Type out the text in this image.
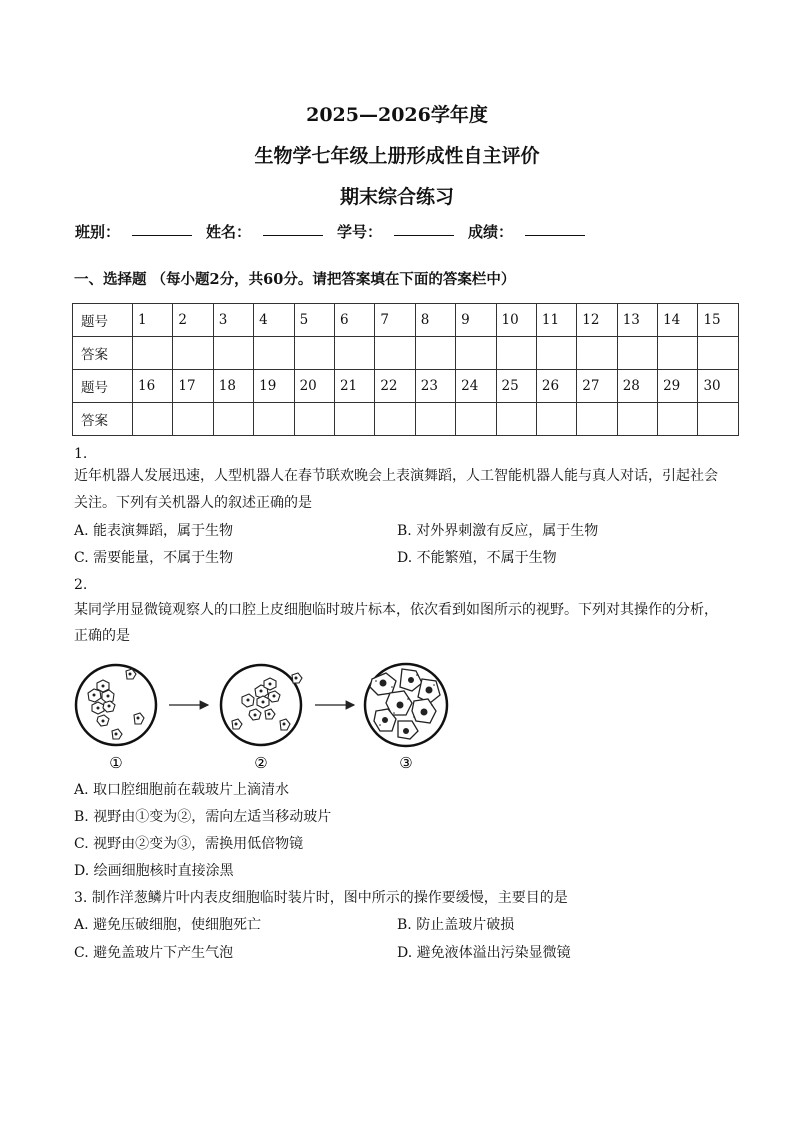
2025—2026学年度
生物学七年级上册形成性自主评价
期末综合练习
班别：	姓名：	学号：	成绩：
一、选择题 （每小题2分，共60分。请把答案填在下面的答案栏中）
题号	1	2	3	4	5	6	7	8	9	10	11	12	13	14	15
答案															
题号	16	17	18	19	20	21	22	23	24	25	26	27	28	29	30
答案															
1.
近年机器人发展迅速，人型机器人在春节联欢晚会上表演舞蹈，人工智能机器人能与真人对话，引起社会
关注。下列有关机器人的叙述正确的是
A. 能表演舞蹈，属于生物	B. 对外界刺激有反应，属于生物
C. 需要能量，不属于生物	D. 不能繁殖，不属于生物
2.
某同学用显微镜观察人的口腔上皮细胞临时玻片标本，依次看到如图所示的视野。下列对其操作的分析，
正确的是
①	②	③
A. 取口腔细胞前在载玻片上滴清水
B. 视野由①变为②，需向左适当移动玻片
C. 视野由②变为③，需换用低倍物镜
D. 绘画细胞核时直接涂黑
3. 制作洋葱鳞片叶内表皮细胞临时装片时，图中所示的操作要缓慢，主要目的是
A. 避免压破细胞，使细胞死亡	B. 防止盖玻片破损
C. 避免盖玻片下产生气泡	D. 避免液体溢出污染显微镜
